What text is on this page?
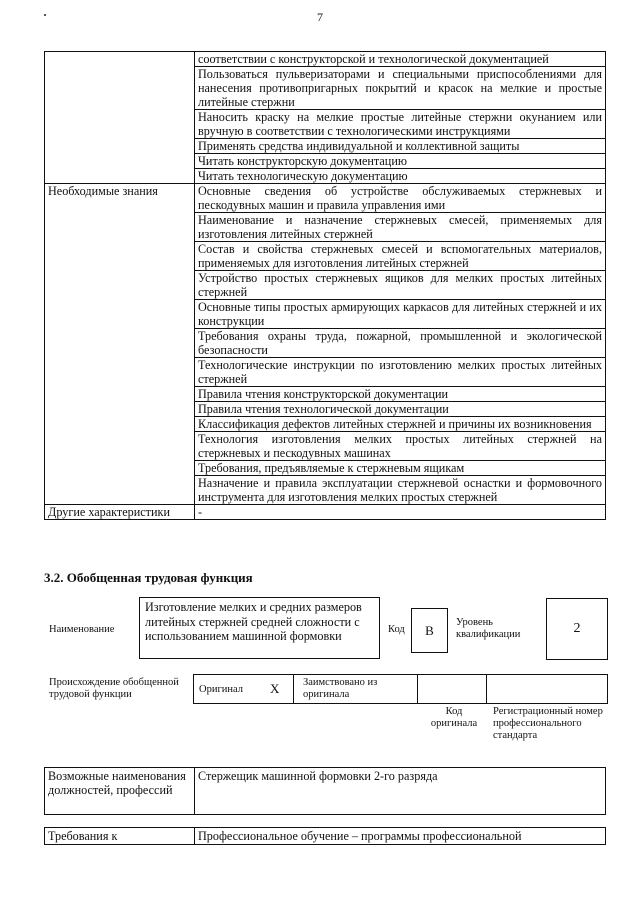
7
	соответствии с конструкторской и технологической документацией
	Пользоваться пульверизаторами и специальными приспособлениями для нанесения противопригарных покрытий и красок на мелкие и простые литейные стержни
	Наносить краску на мелкие простые литейные стержни окунанием или вручную в соответствии с технологическими инструкциями
	Применять средства индивидуальной и коллективной защиты
	Читать конструкторскую документацию
	Читать технологическую документацию
Необходимые знания	Основные сведения об устройстве обслуживаемых стержневых и пескодувных машин и правила управления ими
	Наименование и назначение стержневых смесей, применяемых для изготовления литейных стержней
	Состав и свойства стержневых смесей и вспомогательных материалов, применяемых для изготовления литейных стержней
	Устройство простых стержневых ящиков для мелких простых литейных стержней
	Основные типы простых армирующих каркасов для литейных стержней и их конструкции
	Требования охраны труда, пожарной, промышленной и экологической безопасности
	Технологические инструкции по изготовлению мелких простых литейных стержней
	Правила чтения конструкторской документации
	Правила чтения технологической документации
	Классификация дефектов литейных стержней и причины их возникновения
	Технология изготовления мелких простых литейных стержней на стержневых и пескодувных машинах
	Требования, предъявляемые к стержневым ящикам
	Назначение и правила эксплуатации стержневой оснастки и формовочного инструмента для изготовления мелких простых стержней
Другие характеристики	-
3.2. Обобщенная трудовая функция
Наименование
Изготовление мелких и средних размеров литейных стержней средней сложности с использованием машинной формовки	Код	B	Уровень квалификации	2
Происхождение обобщенной трудовой функции	Оригинал X Заимствовано из оригинала
Код оригинала
Регистрационный номер профессионального стандарта
Возможные наименования должностей, профессий	Стержещик машинной формовки 2-го разряда
Требования к	Профессиональное обучение – программы профессиональной
